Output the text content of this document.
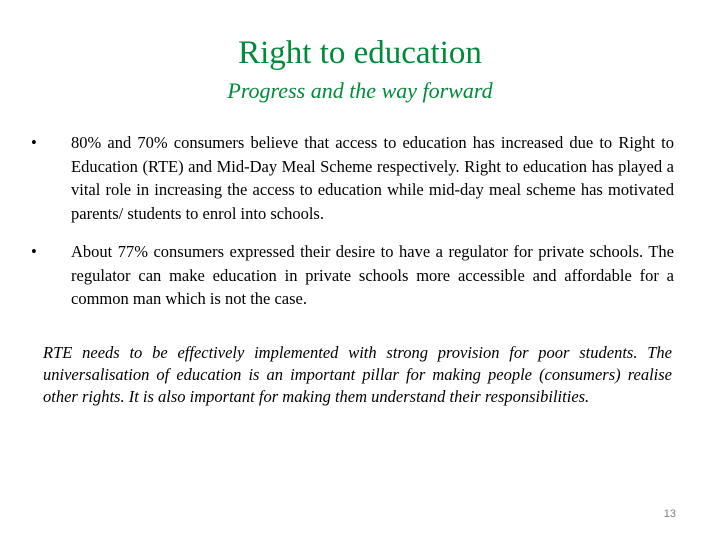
Right to education
Progress and the way forward
• 80% and 70% consumers believe that access to education has increased due to Right to Education (RTE) and Mid-Day Meal Scheme respectively. Right to education has played a vital role in increasing the access to education while mid-day meal scheme has motivated parents/ students to enrol into schools.
• About 77% consumers expressed their desire to have a regulator for private schools. The regulator can make education in private schools more accessible and affordable for a common man which is not the case.

RTE needs to be effectively implemented with strong provision for poor students. The universalisation of education is an important pillar for making people (consumers) realise other rights. It is also important for making them understand their responsibilities.

13
